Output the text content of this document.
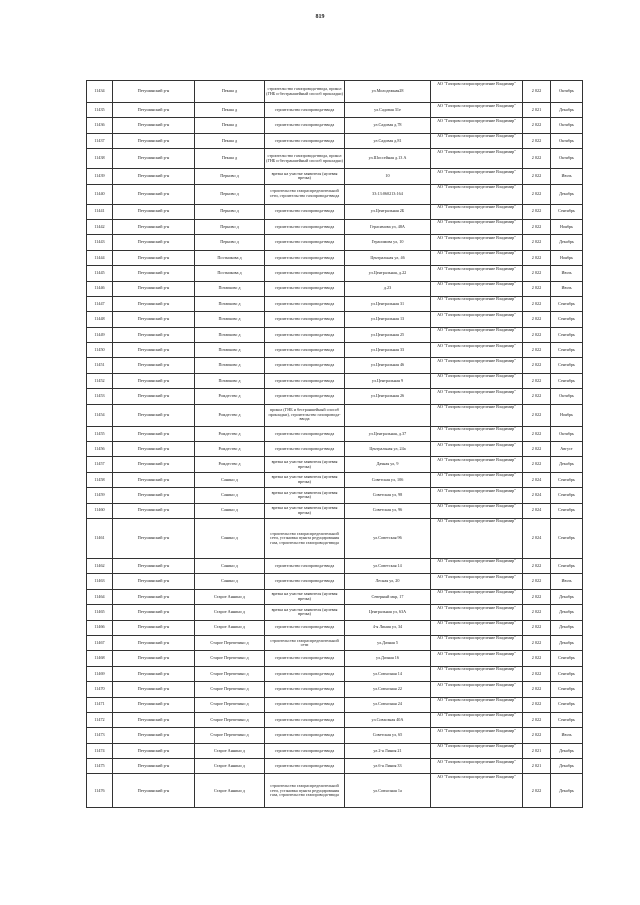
819
11434	Петушинский р-н	Пекша д	строительство газопровода-ввода, прокол (ГНБ и бестраншейный способ прокладки)	ул.Молодежная28	АО "Газпром газораспределение Владимир"	2 022	Октябрь
11435	Петушинский р-н	Пекша д	строительство газопровода-ввода	ул.Садовая 31е	АО "Газпром газораспределение Владимир"	2 021	Декабрь
11436	Петушинский р-н	Пекша д	строительство газопровода-ввода	ул.Садовая д.78	АО "Газпром газораспределение Владимир"	2 022	Октябрь
11437	Петушинский р-н	Пекша д	строительство газопровода-ввода	ул.Садовая д.81	АО "Газпром газораспределение Владимир"	2 022	Октябрь
11438	Петушинский р-н	Пекша д	строительство газопровода-ввода, прокол (ГНБ и бестраншейный способ прокладки)	ул.Шоссейная д.13 А	АО "Газпром газораспределение Владимир"	2 022	Октябрь
11439	Петушинский р-н	Перново д	врезка на участке заявителя (нулевая врезка)	10	АО "Газпром газораспределение Владимир"	2 022	Июль
11440	Петушинский р-н	Перново д	строительство газораспределительной сети, строительство газопровода-ввода	33:13:060213:164	АО "Газпром газораспределение Владимир"	2 022	Декабрь
11441	Петушинский р-н	Перново д	строительство газопровода-ввода	ул.Центральная 2Б	АО "Газпром газораспределение Владимир"	2 022	Сентябрь
11442	Петушинский р-н	Перново д	строительство газопровода-ввода	Герасимова ул, 48А	АО "Газпром газораспределение Владимир"	2 022	Ноябрь
11443	Петушинский р-н	Перново д	строительство газопровода-ввода	Герасимова ул, 10	АО "Газпром газораспределение Владимир"	2 022	Декабрь
11444	Петушинский р-н	Постникова д	строительство газопровода-ввода	Центральная ул, 46	АО "Газпром газораспределение Владимир"	2 022	Ноябрь
11445	Петушинский р-н	Постникова д	строительство газопровода-ввода	ул.Центральная, д.22	АО "Газпром газораспределение Владимир"	2 022	Июль
11446	Петушинский р-н	Потапково д	строительство газопровода-ввода	д.23	АО "Газпром газораспределение Владимир"	2 022	Июль
11447	Петушинский р-н	Потапково д	строительство газопровода-ввода	ул.Центральная 31	АО "Газпром газораспределение Владимир"	2 022	Сентябрь
11448	Петушинский р-н	Потапково д	строительство газопровода-ввода	ул.Центральная 13	АО "Газпром газораспределение Владимир"	2 022	Сентябрь
11449	Петушинский р-н	Потапково д	строительство газопровода-ввода	ул.Центральная 25	АО "Газпром газораспределение Владимир"	2 022	Сентябрь
11450	Петушинский р-н	Потапково д	строительство газопровода-ввода	ул.Центральная 33	АО "Газпром газораспределение Владимир"	2 022	Сентябрь
11451	Петушинский р-н	Потапково д	строительство газопровода-ввода	ул.Центральная 46	АО "Газпром газораспределение Владимир"	2 022	Сентябрь
11452	Петушинский р-н	Потапково д	строительство газопровода-ввода	ул.Центральная 9	АО "Газпром газораспределение Владимир"	2 022	Сентябрь
11453	Петушинский р-н	Рождество д	строительство газопровода-ввода	ул.Центральная 26	АО "Газпром газораспределение Владимир"	2 022	Октябрь
11454	Петушинский р-н	Рождество д	прокол (ГНБ и бестраншейный способ прокладки), строительство газопровода-ввода		АО "Газпром газораспределение Владимир"	2 022	Ноябрь
11455	Петушинский р-н	Рождество д	строительство газопровода-ввода	ул.Центральная, д.37	АО "Газпром газораспределение Владимир"	2 022	Октябрь
11456	Петушинский р-н	Рождество д	строительство газопровода-ввода	Центральная ул, 24а	АО "Газпром газораспределение Владимир"	2 022	Август
11457	Петушинский р-н	Рождество д	врезка на участке заявителя (нулевая врезка)	Дачная ул, 9	АО "Газпром газораспределение Владимир"	2 022	Декабрь
11458	Петушинский р-н	Санино д	врезка на участке заявителя (нулевая врезка)	Советская ул, 106	АО "Газпром газораспределение Владимир"	2 024	Сентябрь
11459	Петушинский р-н	Санино д	врезка на участке заявителя (нулевая врезка)	Советская ул, 98	АО "Газпром газораспределение Владимир"	2 024	Сентябрь
11460	Петушинский р-н	Санино д	врезка на участке заявителя (нулевая врезка)	Советская ул, 96	АО "Газпром газораспределение Владимир"	2 024	Сентябрь
11461	Петушинский р-н	Санино д	строительство газораспределительной сети, установка пункта редуцирования газа, строительство газопровода-ввода	ул.Советская 96	АО "Газпром газораспределение Владимир"	2 024	Сентябрь
11462	Петушинский р-н	Санино д	строительство газопровода-ввода	ул.Советская 14	АО "Газпром газораспределение Владимир"	2 022	Сентябрь
11463	Петушинский р-н	Санино д	строительство газопровода-ввода	Лесная ул, 20	АО "Газпром газораспределение Владимир"	2 022	Июль
11464	Петушинский р-н	Старое Аннино д	врезка на участке заявителя (нулевая врезка)	Северный мкр, 17	АО "Газпром газораспределение Владимир"	2 022	Декабрь
11465	Петушинский р-н	Старое Аннино д	врезка на участке заявителя (нулевая врезка)	Центральная ул, 63А	АО "Газпром газораспределение Владимир"	2 022	Декабрь
11466	Петушинский р-н	Старое Аннино д	строительство газопровода-ввода	4-я Линия ул, 34	АО "Газпром газораспределение Владимир"	2 022	Декабрь
11467	Петушинский р-н	Старое Перепечино д	строительство газораспределительной сети	ул.Дачная 5	АО "Газпром газораспределение Владимир"	2 022	Декабрь
11468	Петушинский р-н	Старое Перепечино д	строительство газопровода-ввода	ул.Дачная 16	АО "Газпром газораспределение Владимир"	2 022	Сентябрь
11469	Петушинский р-н	Старое Перепечино д	строительство газопровода-ввода	ул.Совхозная 14	АО "Газпром газораспределение Владимир"	2 022	Сентябрь
11470	Петушинский р-н	Старое Перепечино д	строительство газопровода-ввода	ул.Совхозная 22	АО "Газпром газораспределение Владимир"	2 022	Сентябрь
11471	Петушинский р-н	Старое Перепечино д	строительство газопровода-ввода	ул.Совхозная 24	АО "Газпром газораспределение Владимир"	2 022	Сентябрь
11472	Петушинский р-н	Старое Перепечино д	строительство газопровода-ввода	ул.Совхозная 40А	АО "Газпром газораспределение Владимир"	2 022	Сентябрь
11473	Петушинский р-н	Старое Перепечино д	строительство газопровода-ввода	Советская ул, 65	АО "Газпром газораспределение Владимир"	2 022	Июль
11474	Петушинский р-н	Старое Аннино д	строительство газопровода-ввода	ул.2-я Линия 21	АО "Газпром газораспределение Владимир"	2 021	Декабрь
11475	Петушинский р-н	Старое Аннино д	строительство газопровода-ввода	ул.6-я Линия 33	АО "Газпром газораспределение Владимир"	2 021	Декабрь
11476	Петушинский р-н	Старое Аннино д	строительство газораспределительной сети, установка пункта редуцирования газа, строительство газопровода-ввода	ул.Совхозная 1а	АО "Газпром газораспределение Владимир"	2 022	Декабрь
